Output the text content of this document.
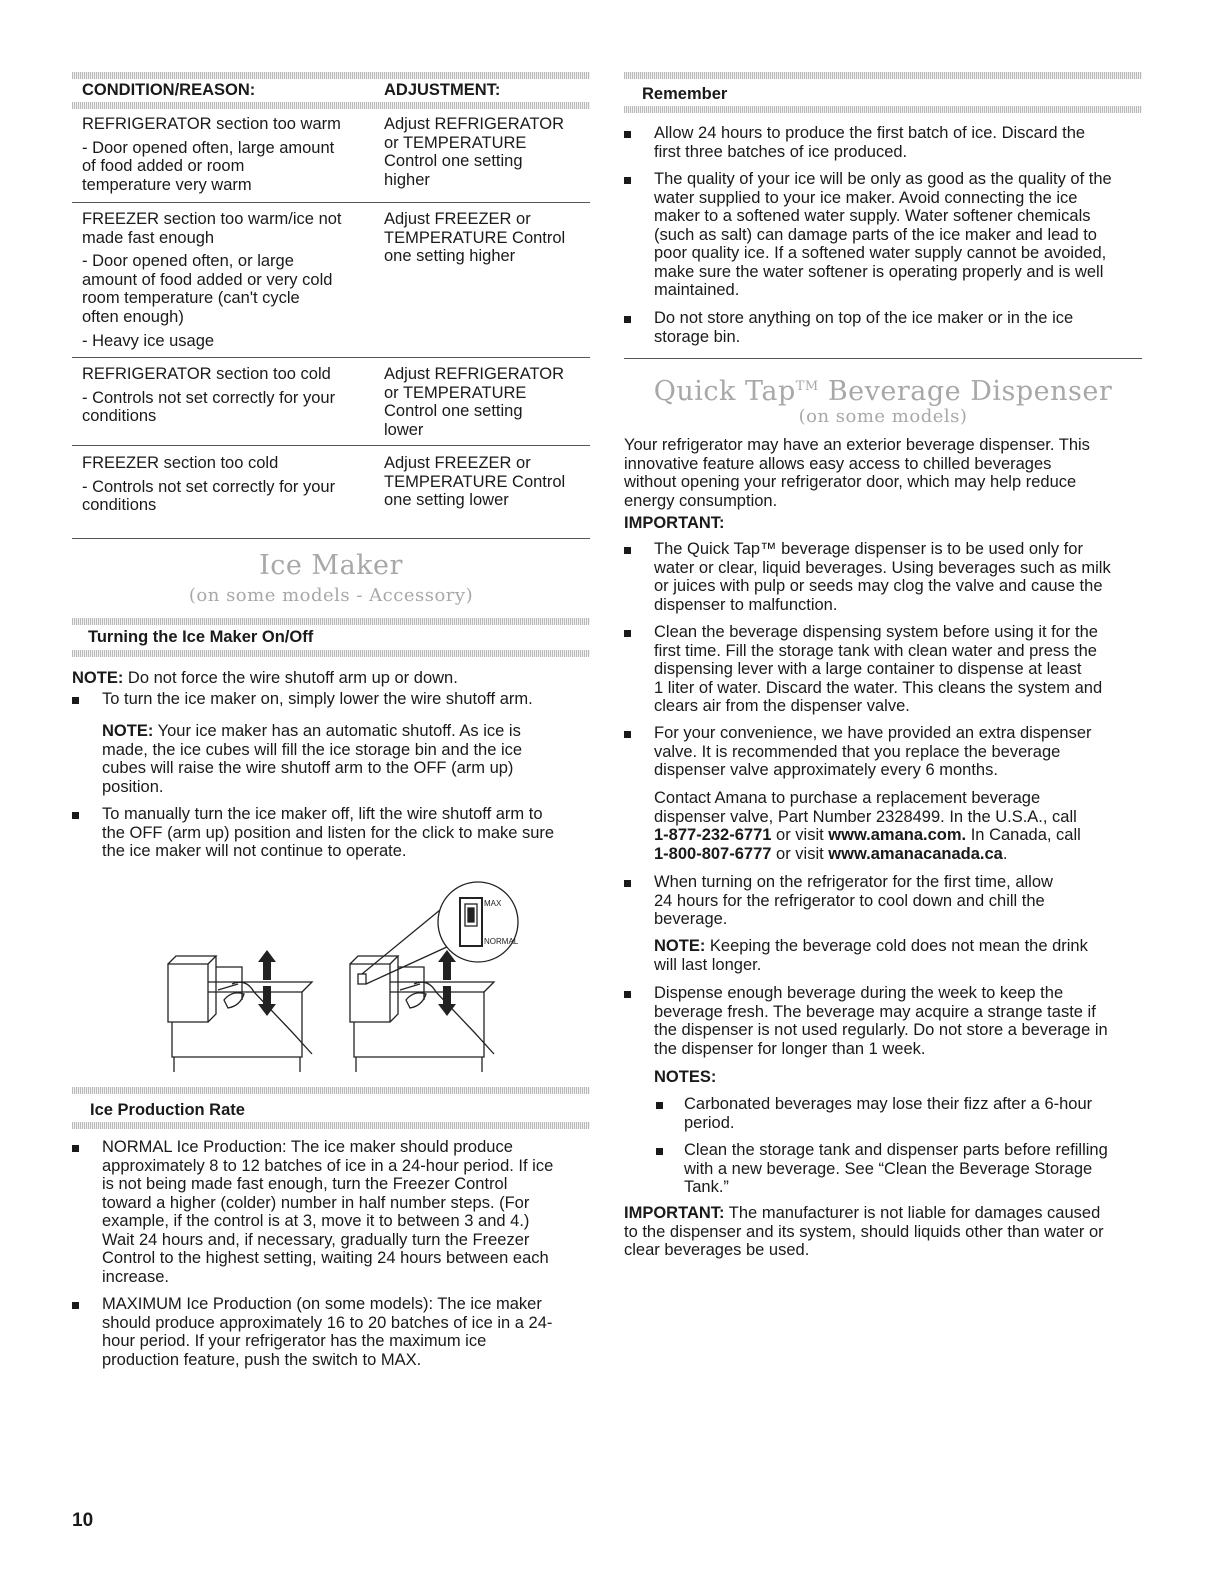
CONDITION/REASON:	ADJUSTMENT:
REFRIGERATOR section too warm
- Door opened often, large amount
of food added or room
temperature very warm
Adjust REFRIGERATOR
or TEMPERATURE
Control one setting
higher
FREEZER section too warm/ice not
made fast enough
- Door opened often, or large
amount of food added or very cold
room temperature (can't cycle
often enough)
- Heavy ice usage
Adjust FREEZER or
TEMPERATURE Control
one setting higher
REFRIGERATOR section too cold
- Controls not set correctly for your
conditions
Adjust REFRIGERATOR
or TEMPERATURE
Control one setting
lower
FREEZER section too cold
- Controls not set correctly for your
conditions
Adjust FREEZER or
TEMPERATURE Control
one setting lower
Ice Maker
(on some models - Accessory)
Turning the Ice Maker On/Off
NOTE: Do not force the wire shutoff arm up or down.
To turn the ice maker on, simply lower the wire shutoff arm.
NOTE: Your ice maker has an automatic shutoff. As ice is
made, the ice cubes will fill the ice storage bin and the ice
cubes will raise the wire shutoff arm to the OFF (arm up)
position.
To manually turn the ice maker off, lift the wire shutoff arm to
the OFF (arm up) position and listen for the click to make sure
the ice maker will not continue to operate.
MAX
NORMAL
Ice Production Rate
NORMAL Ice Production: The ice maker should produce
approximately 8 to 12 batches of ice in a 24-hour period. If ice
is not being made fast enough, turn the Freezer Control
toward a higher (colder) number in half number steps. (For
example, if the control is at 3, move it to between 3 and 4.)
Wait 24 hours and, if necessary, gradually turn the Freezer
Control to the highest setting, waiting 24 hours between each
increase.
MAXIMUM Ice Production (on some models): The ice maker
should produce approximately 16 to 20 batches of ice in a 24-
hour period. If your refrigerator has the maximum ice
production feature, push the switch to MAX.
Remember
Allow 24 hours to produce the first batch of ice. Discard the
first three batches of ice produced.
The quality of your ice will be only as good as the quality of the
water supplied to your ice maker. Avoid connecting the ice
maker to a softened water supply. Water softener chemicals
(such as salt) can damage parts of the ice maker and lead to
poor quality ice. If a softened water supply cannot be avoided,
make sure the water softener is operating properly and is well
maintained.
Do not store anything on top of the ice maker or in the ice
storage bin.
Quick Tap™ Beverage Dispenser
(on some models)
Your refrigerator may have an exterior beverage dispenser. This
innovative feature allows easy access to chilled beverages
without opening your refrigerator door, which may help reduce
energy consumption.
IMPORTANT:
The Quick Tap™ beverage dispenser is to be used only for
water or clear, liquid beverages. Using beverages such as milk
or juices with pulp or seeds may clog the valve and cause the
dispenser to malfunction.
Clean the beverage dispensing system before using it for the
first time. Fill the storage tank with clean water and press the
dispensing lever with a large container to dispense at least
1 liter of water. Discard the water. This cleans the system and
clears air from the dispenser valve.
For your convenience, we have provided an extra dispenser
valve. It is recommended that you replace the beverage
dispenser valve approximately every 6 months.
Contact Amana to purchase a replacement beverage
dispenser valve, Part Number 2328499. In the U.S.A., call
1-877-232-6771 or visit www.amana.com. In Canada, call
1-800-807-6777 or visit www.amanacanada.ca.
When turning on the refrigerator for the first time, allow
24 hours for the refrigerator to cool down and chill the
beverage.
NOTE: Keeping the beverage cold does not mean the drink
will last longer.
Dispense enough beverage during the week to keep the
beverage fresh. The beverage may acquire a strange taste if
the dispenser is not used regularly. Do not store a beverage in
the dispenser for longer than 1 week.
NOTES:
Carbonated beverages may lose their fizz after a 6-hour
period.
Clean the storage tank and dispenser parts before refilling
with a new beverage. See “Clean the Beverage Storage
Tank.”
IMPORTANT: The manufacturer is not liable for damages caused
to the dispenser and its system, should liquids other than water or
clear beverages be used.
10
